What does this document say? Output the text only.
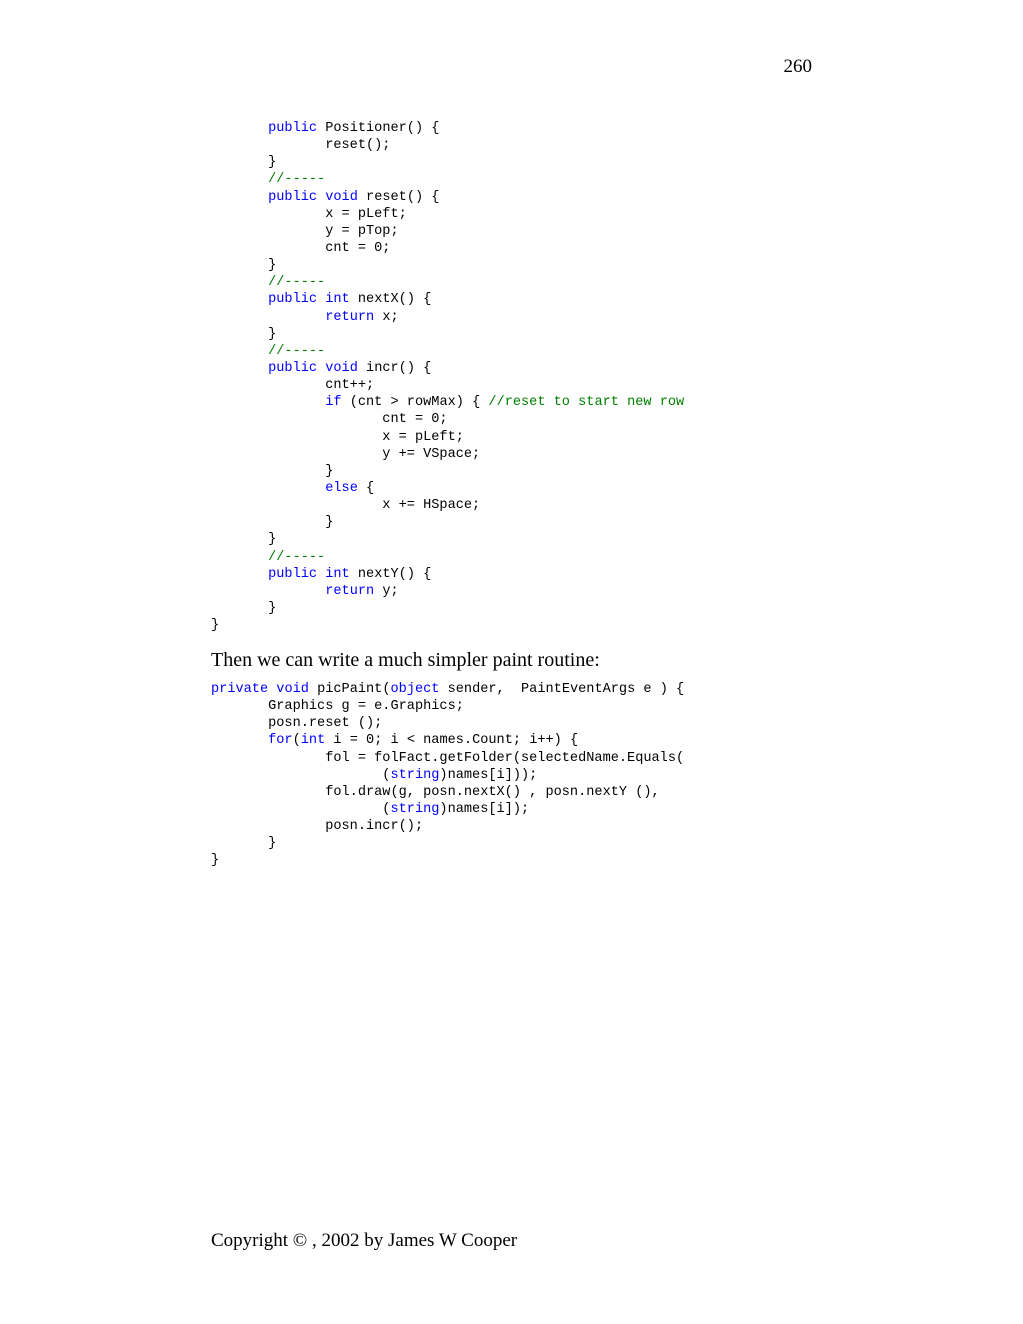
260
public Positioner() {
reset();
}
//-----
public void reset() {
x = pLeft;
y = pTop;
cnt = 0;
}
//-----
public int nextX() {
return x;
}
//-----
public void incr() {
cnt++;
if (cnt > rowMax) { //reset to start new row
cnt = 0;
x = pLeft;
y += VSpace;
}
else {
x += HSpace;
}
}
//-----
public int nextY() {
return y;
}
}
Then we can write a much simpler paint routine:
private void picPaint(object sender,  PaintEventArgs e ) {
Graphics g = e.Graphics;
posn.reset ();
for(int i = 0; i < names.Count; i++) {
fol = folFact.getFolder(selectedName.Equals(
(string)names[i]));
fol.draw(g, posn.nextX() , posn.nextY (),
(string)names[i]);
posn.incr();
}
}
Copyright © , 2002 by James W Cooper
